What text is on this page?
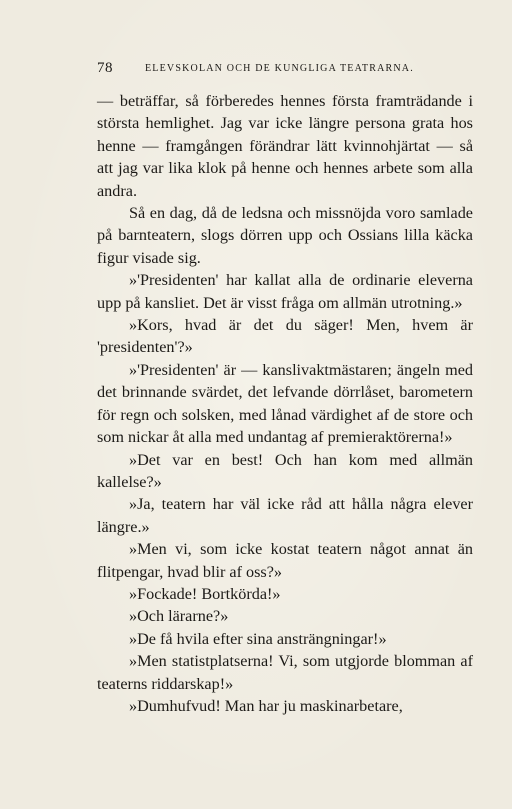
78	ELEVSKOLAN OCH DE KUNGLIGA TEATRARNA.

— beträffar, så förberedes hennes första framträdande i största hemlighet. Jag var icke längre persona grata hos henne — framgången förändrar lätt kvinnohjärtat — så att jag var lika klok på henne och hennes arbete som alla andra.

Så en dag, då de ledsna och missnöjda voro samlade på barnteatern, slogs dörren upp och Ossians lilla käcka figur visade sig.

»'Presidenten' har kallat alla de ordinarie eleverna upp på kansliet. Det är visst fråga om allmän utrotning.»

»Kors, hvad är det du säger! Men, hvem är 'presidenten'?»

»'Presidenten' är — kanslivaktmästaren; ängeln med det brinnande svärdet, det lefvande dörrlåset, barometern för regn och solsken, med lånad värdighet af de store och som nickar åt alla med undantag af premieraktörerna!»

»Det var en best! Och han kom med allmän kallelse?»

»Ja, teatern har väl icke råd att hålla några elever längre.»

»Men vi, som icke kostat teatern något annat än flitpengar, hvad blir af oss?»

»Fockade! Bortkörda!»

»Och lärarne?»

»De få hvila efter sina ansträngningar!»

»Men statistplatserna! Vi, som utgjorde blomman af teaterns riddarskap!»

»Dumhufvud! Man har ju maskinarbetare,
